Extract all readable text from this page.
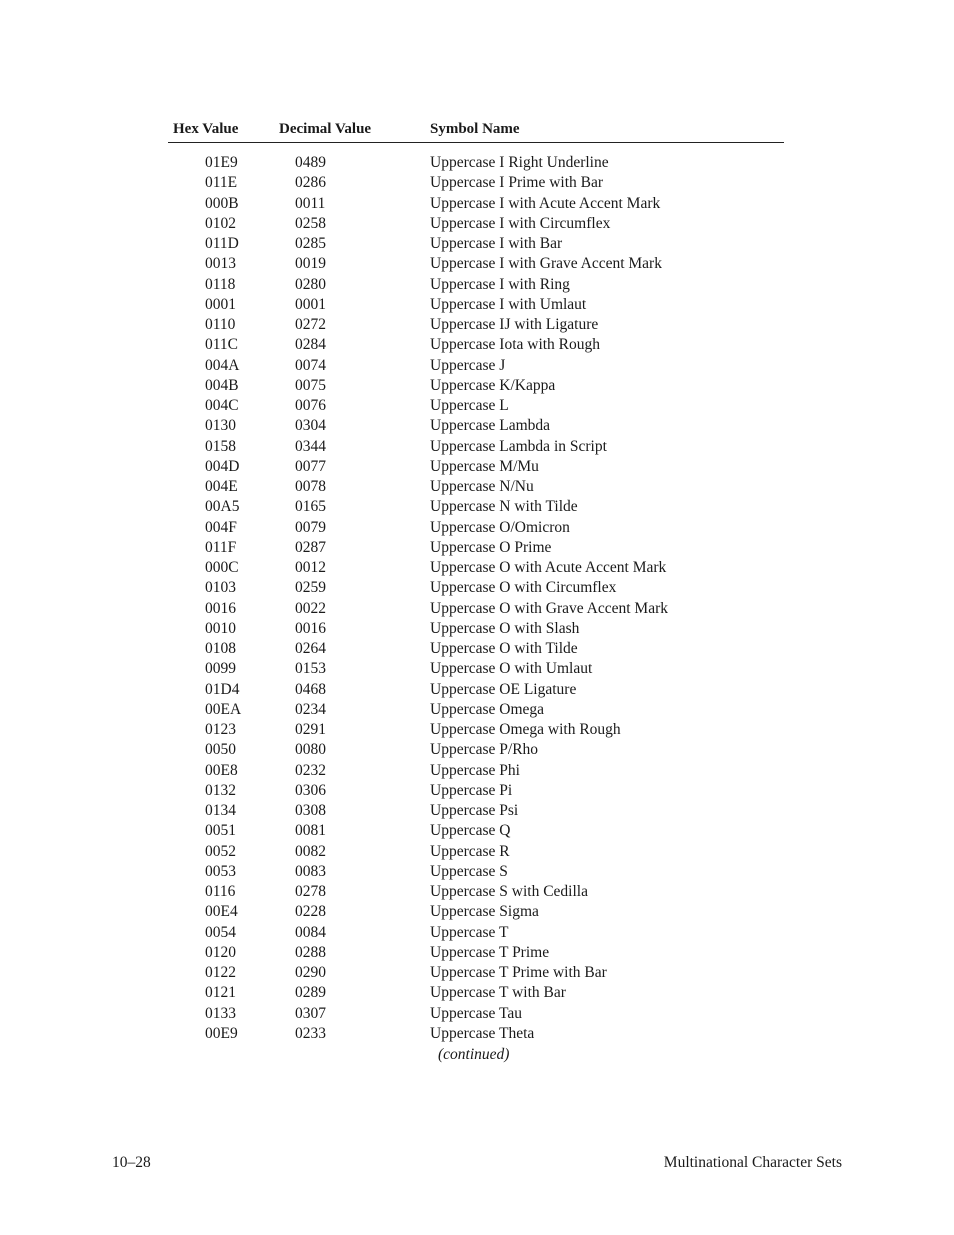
Hex Value	Decimal Value	Symbol Name
01E9	0489	Uppercase I Right Underline
011E	0286	Uppercase I Prime with Bar
000B	0011	Uppercase I with Acute Accent Mark
0102	0258	Uppercase I with Circumflex
011D	0285	Uppercase I with Bar
0013	0019	Uppercase I with Grave Accent Mark
0118	0280	Uppercase I with Ring
0001	0001	Uppercase I with Umlaut
0110	0272	Uppercase IJ with Ligature
011C	0284	Uppercase Iota with Rough
004A	0074	Uppercase J
004B	0075	Uppercase K/Kappa
004C	0076	Uppercase L
0130	0304	Uppercase Lambda
0158	0344	Uppercase Lambda in Script
004D	0077	Uppercase M/Mu
004E	0078	Uppercase N/Nu
00A5	0165	Uppercase N with Tilde
004F	0079	Uppercase O/Omicron
011F	0287	Uppercase O Prime
000C	0012	Uppercase O with Acute Accent Mark
0103	0259	Uppercase O with Circumflex
0016	0022	Uppercase O with Grave Accent Mark
0010	0016	Uppercase O with Slash
0108	0264	Uppercase O with Tilde
0099	0153	Uppercase O with Umlaut
01D4	0468	Uppercase OE Ligature
00EA	0234	Uppercase Omega
0123	0291	Uppercase Omega with Rough
0050	0080	Uppercase P/Rho
00E8	0232	Uppercase Phi
0132	0306	Uppercase Pi
0134	0308	Uppercase Psi
0051	0081	Uppercase Q
0052	0082	Uppercase R
0053	0083	Uppercase S
0116	0278	Uppercase S with Cedilla
00E4	0228	Uppercase Sigma
0054	0084	Uppercase T
0120	0288	Uppercase T Prime
0122	0290	Uppercase T Prime with Bar
0121	0289	Uppercase T with Bar
0133	0307	Uppercase Tau
00E9	0233	Uppercase Theta
(continued)
10–28	Multinational Character Sets
